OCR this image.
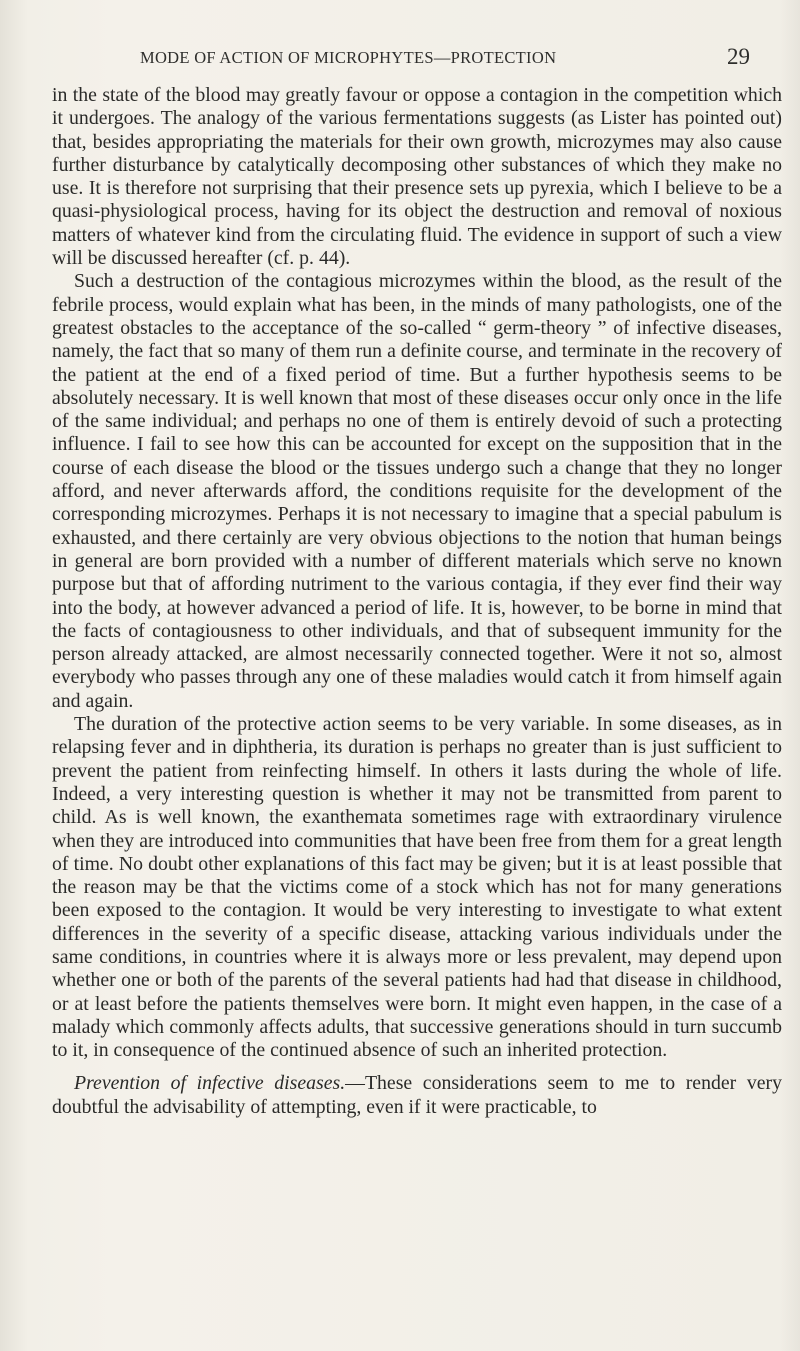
MODE OF ACTION OF MICROPHYTES—PROTECTION	29

in the state of the blood may greatly favour or oppose a contagion in the competition which it undergoes. The analogy of the various fermentations suggests (as Lister has pointed out) that, besides appropriating the materials for their own growth, microzymes may also cause further disturbance by catalytically decomposing other substances of which they make no use. It is therefore not surprising that their presence sets up pyrexia, which I believe to be a quasi-physiological process, having for its object the destruction and removal of noxious matters of whatever kind from the circulating fluid. The evidence in support of such a view will be discussed hereafter (cf. p. 44).

Such a destruction of the contagious microzymes within the blood, as the result of the febrile process, would explain what has been, in the minds of many pathologists, one of the greatest obstacles to the acceptance of the so-called “ germ-theory ” of infective diseases, namely, the fact that so many of them run a definite course, and terminate in the recovery of the patient at the end of a fixed period of time. But a further hypothesis seems to be absolutely necessary. It is well known that most of these diseases occur only once in the life of the same individual; and perhaps no one of them is entirely devoid of such a protecting influence. I fail to see how this can be accounted for except on the supposition that in the course of each disease the blood or the tissues undergo such a change that they no longer afford, and never afterwards afford, the conditions requisite for the development of the corresponding microzymes. Perhaps it is not necessary to imagine that a special pabulum is exhausted, and there certainly are very obvious objections to the notion that human beings in general are born provided with a number of different materials which serve no known purpose but that of affording nutriment to the various contagia, if they ever find their way into the body, at however advanced a period of life. It is, however, to be borne in mind that the facts of contagiousness to other individuals, and that of subsequent immunity for the person already attacked, are almost necessarily connected together. Were it not so, almost everybody who passes through any one of these maladies would catch it from himself again and again.

The duration of the protective action seems to be very variable. In some diseases, as in relapsing fever and in diphtheria, its duration is perhaps no greater than is just sufficient to prevent the patient from reinfecting himself. In others it lasts during the whole of life. Indeed, a very interesting question is whether it may not be transmitted from parent to child. As is well known, the exanthemata sometimes rage with extraordinary virulence when they are introduced into communities that have been free from them for a great length of time. No doubt other explanations of this fact may be given; but it is at least possible that the reason may be that the victims come of a stock which has not for many generations been exposed to the contagion. It would be very interesting to investigate to what extent differences in the severity of a specific disease, attacking various individuals under the same conditions, in countries where it is always more or less prevalent, may depend upon whether one or both of the parents of the several patients had had that disease in childhood, or at least before the patients themselves were born. It might even happen, in the case of a malady which commonly affects adults, that successive generations should in turn succumb to it, in consequence of the continued absence of such an inherited protection.

Prevention of infective diseases.—These considerations seem to me to render very doubtful the advisability of attempting, even if it were practicable, to
